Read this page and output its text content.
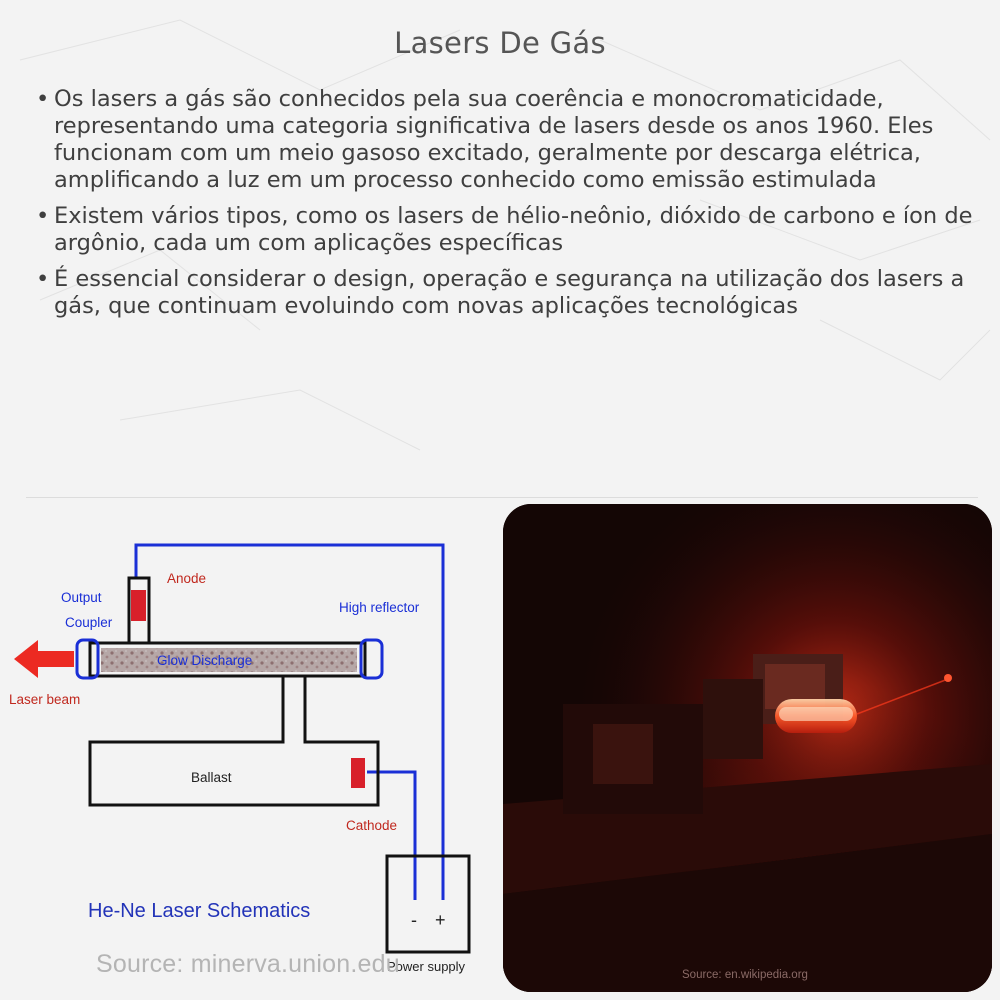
Lasers De Gás
• Os lasers a gás são conhecidos pela sua coerência e monocromaticidade, representando uma categoria significativa de lasers desde os anos 1960. Eles funcionam com um meio gasoso excitado, geralmente por descarga elétrica, amplificando a luz em um processo conhecido como emissão estimulada
• Existem vários tipos, como os lasers de hélio-neônio, dióxido de carbono e íon de argônio, cada um com aplicações específicas
• É essencial considerar o design, operação e segurança na utilização dos lasers a gás, que continuam evoluindo com novas aplicações tecnológicas
Anode
Output
Coupler
High reflector
Glow Discharge
Laser beam
Ballast
Cathode
Power supply
- +
He-Ne Laser Schematics
Source: minerva.union.edu	Source: en.wikipedia.org
